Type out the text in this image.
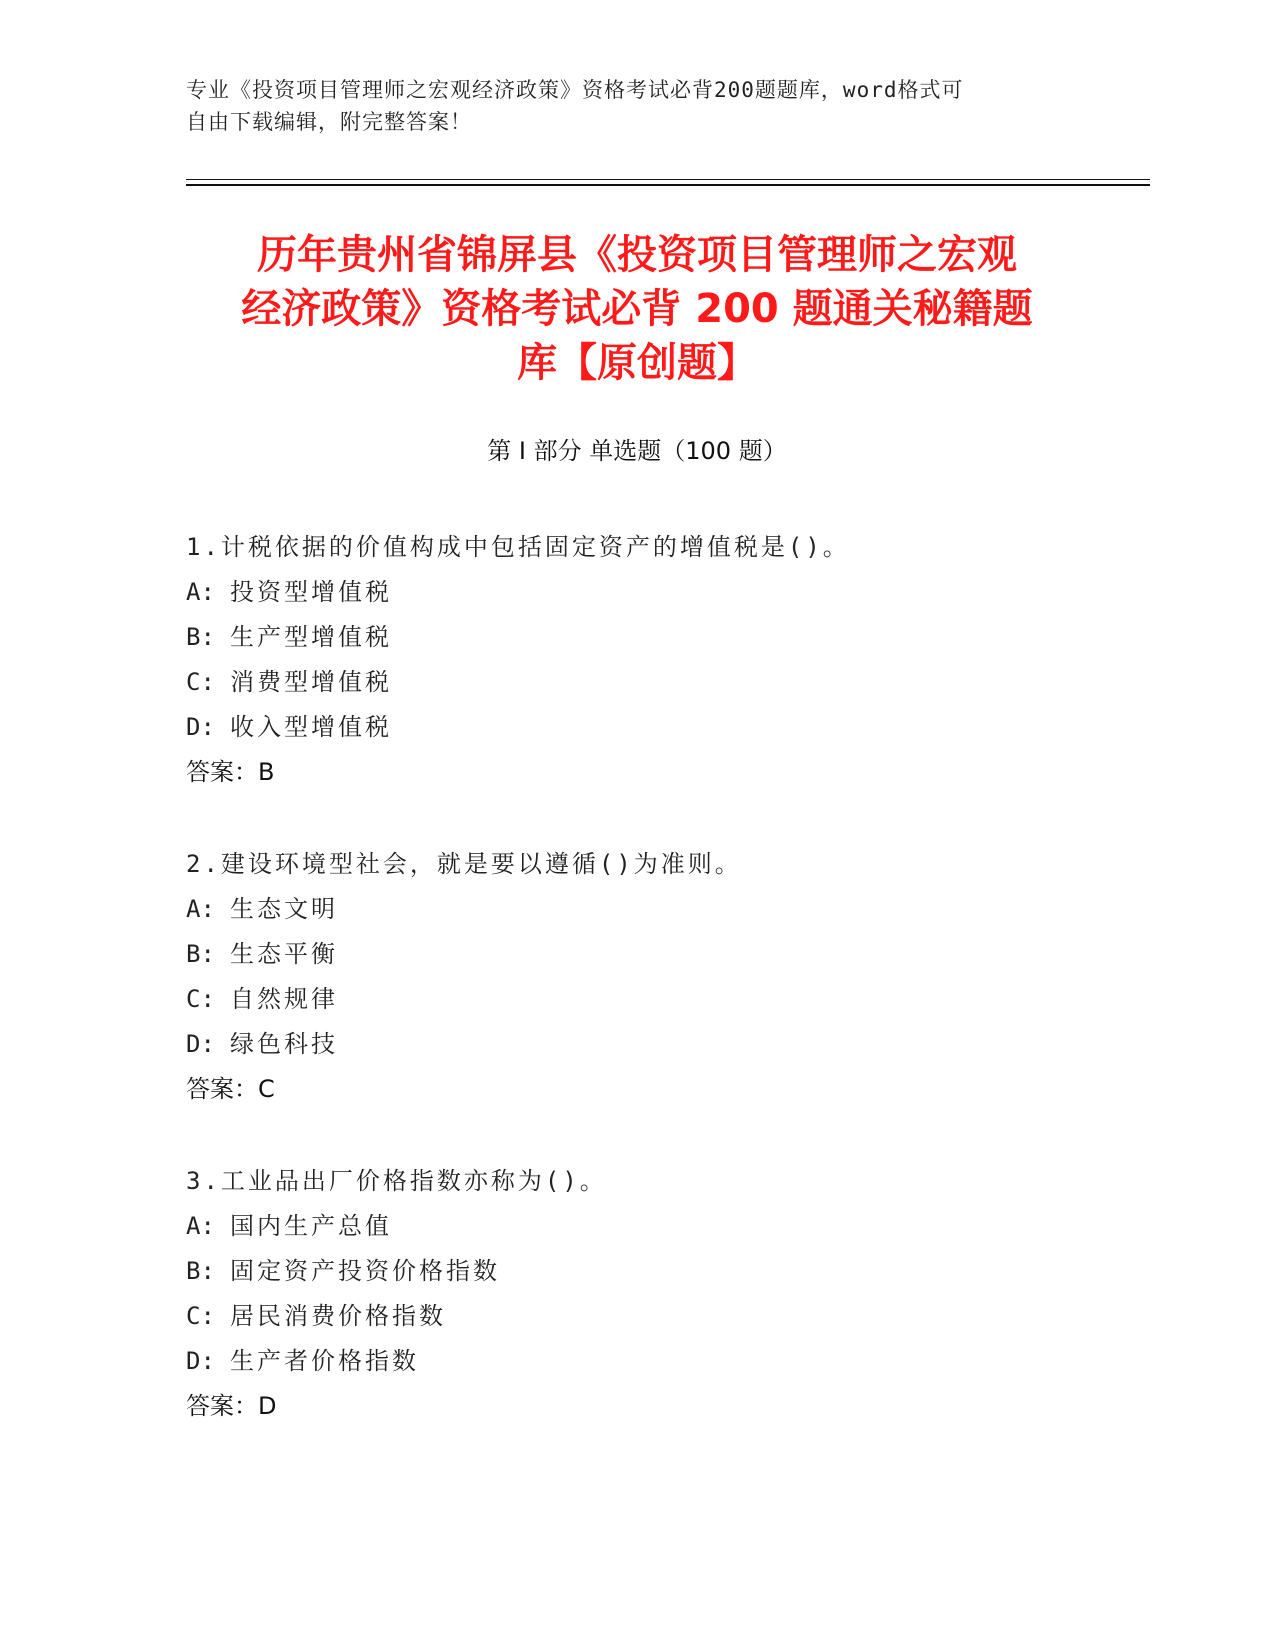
专业《投资项目管理师之宏观经济政策》资格考试必背200题题库，word格式可
自由下载编辑，附完整答案！
历年贵州省锦屏县《投资项目管理师之宏观
经济政策》资格考试必背 200 题通关秘籍题
库【原创题】
第 I 部分 单选题（100 题）
1.计税依据的价值构成中包括固定资产的增值税是()。
A: 投资型增值税
B: 生产型增值税
C: 消费型增值税
D: 收入型增值税
答案：B
2.建设环境型社会，就是要以遵循()为准则。
A: 生态文明
B: 生态平衡
C: 自然规律
D: 绿色科技
答案：C
3.工业品出厂价格指数亦称为()。
A: 国内生产总值
B: 固定资产投资价格指数
C: 居民消费价格指数
D: 生产者价格指数
答案：D
